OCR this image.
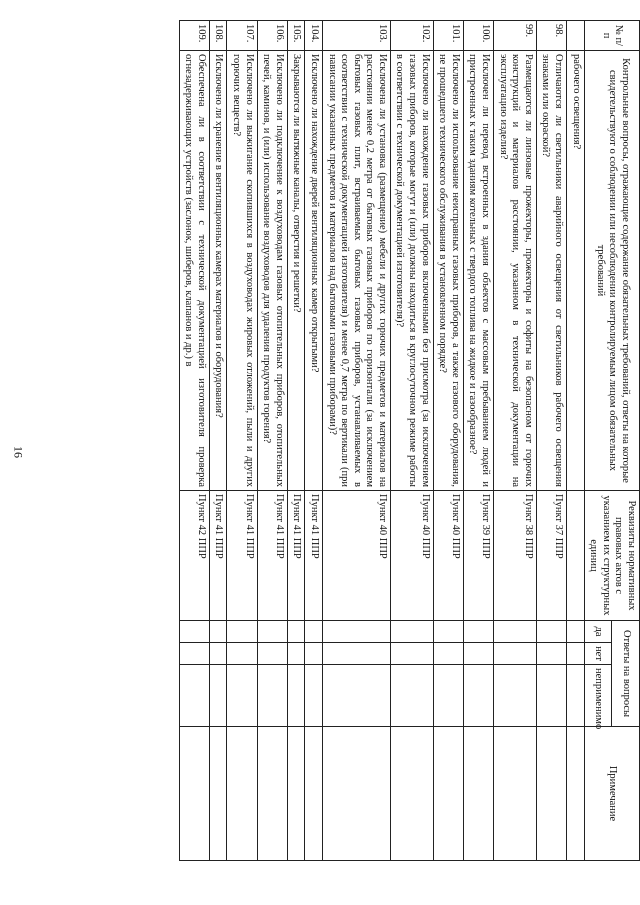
16
№ п/п	Контрольные вопросы, отражающие содержание обязательных требований, ответы на которые свидетельствуют о соблюдении или несоблюдении контролируемым лицом обязательных требований	Реквизиты нормативных правовых актов с указанием их структурных единиц	Ответы на вопросы			Примечание
			да	нет	неприменимо	
	рабочего освещения?					
98.	Отличаются ли светильники аварийного освещения от светильников рабочего освещения знаками или окраской?	Пункт 37 ППР				
99.	Размещаются ли линзовые прожекторы, прожекторы и софиты на безопасном от горючих конструкций и материалов расстоянии, указанном в технической документации на эксплуатацию изделия?	Пункт 38 ППР				
100.	Исключен ли перевод встроенных в здания объектов с массовым пребыванием людей и пристроенных к таким зданиям котельных с твердого топлива на жидкое и газообразное?	Пункт 39 ППР				
101.	Исключено ли использование неисправных газовых приборов, а также газового оборудования, не прошедшего технического обслуживания в установленном порядке?	Пункт 40 ППР				
102.	Исключено ли нахождение газовых приборов включенными без присмотра (за исключением газовых приборов, которые могут и (или) должны находиться в круглосуточном режиме работы в соответствии с технической документацией изготовителя)?	Пункт 40 ППР				
103.	Исключена ли установка (размещение) мебели и других горючих предметов и материалов на расстоянии менее 0,2 метра от бытовых газовых приборов по горизонтали (за исключением бытовых газовых плит, встраиваемых бытовых газовых приборов, устанавливаемых в соответствии с технической документацией изготовителя) и менее 0,7 метра по вертикали (при нависании указанных предметов и материалов над бытовыми газовыми приборами)?	Пункт 40 ППР				
104.	Исключено ли нахождение дверей вентиляционных камер открытыми?	Пункт 41 ППР				
105.	Закрываются ли вытяжные каналы, отверстия и решетки?	Пункт 41 ППР				
106.	Исключено ли подключение к воздуховодам газовых отопительных приборов, отопительных печей, каминов, и (или) использование воздуховодов для удаления продуктов горения?	Пункт 41 ППР				
107.	Исключено ли выжигание скопившихся в воздуховодах жировых отложений, пыли и других горючих веществ?	Пункт 41 ППР				
108.	Исключено ли хранение в вентиляционных камерах материалов и оборудования?	Пункт 41 ППР				
109.	Обеспечена ли в соответствии с технической документацией изготовителя проверка огнезадерживающих устройств (заслонок, шиберов, клапанов и др.) в	Пункт 42 ППР				
